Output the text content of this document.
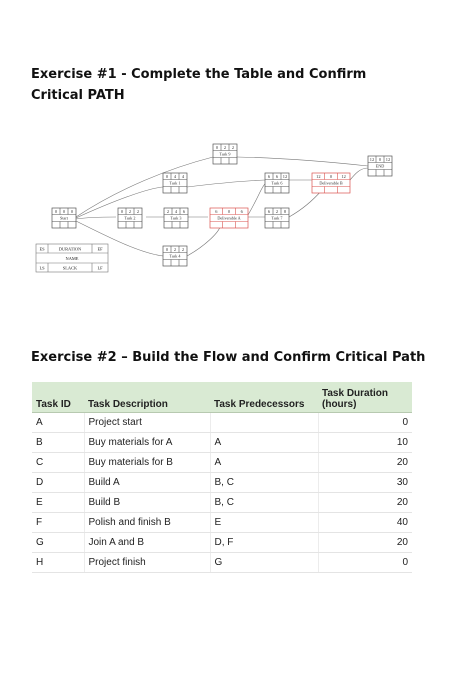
Exercise #1 - Complete the Table and Confirm Critical PATH
0 2 2
Task 9
12 0 12
END
0 4 4
Task 1
6 6 12
Task 6
12 0 12
Deliverable B
0 0 0
Start
0 2 2
Task 2
2 4 6
Task 3
6 0 6
Deliverable A
6 2 8
Task 7
0 2 2
Task 4
ES	DURATION	EF
NAME
LS	SLACK	LF
Exercise #2 – Build the Flow and Confirm Critical Path
Task ID	Task Description	Task Predecessors	Task Duration (hours)
A	Project start		0
B	Buy materials for A	A	10
C	Buy materials for B	A	20
D	Build A	B, C	30
E	Build B	B, C	20
F	Polish and finish B	E	40
G	Join A and B	D, F	20
H	Project finish	G	0
